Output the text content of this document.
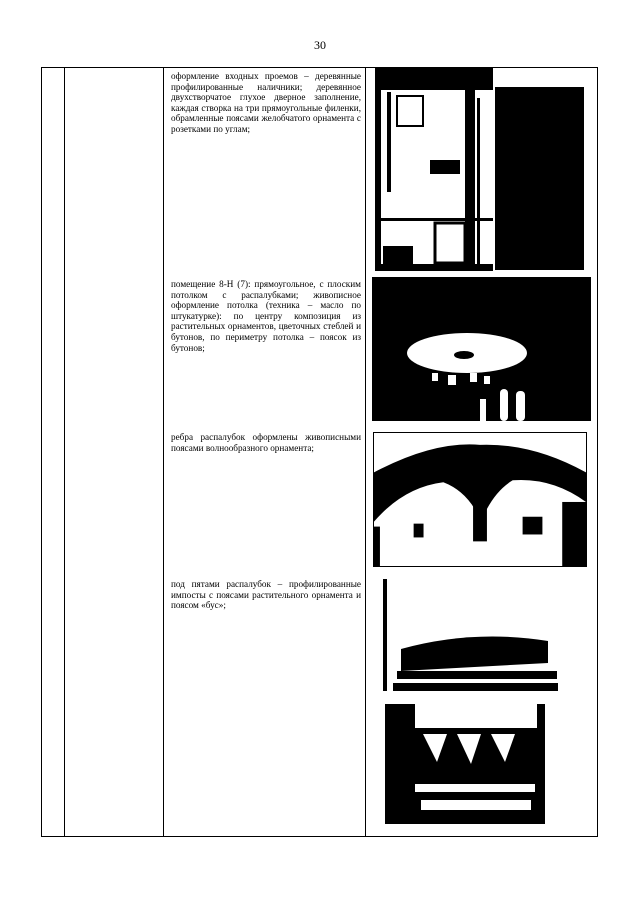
30
оформление входных проемов – деревянные профилированные наличники; деревянное двухстворчатое глухое дверное заполнение, каждая створка на три прямоугольные филенки, обрамленные поясами желобчатого орнамента с розетками по углам;
помещение 8-Н (7): прямоугольное, с плоским потолком с распалубками; живописное оформление потолка (техника – масло по штукатурке): по центру композиция из растительных орнаментов, цветочных стеблей и бутонов, по периметру потолка – поясок из бутонов;
ребра распалубок оформлены живописными поясами волнообразного орнамента;
под пятами распалубок – профилированные импосты с поясами растительного орнамента и поясом «бус»;
